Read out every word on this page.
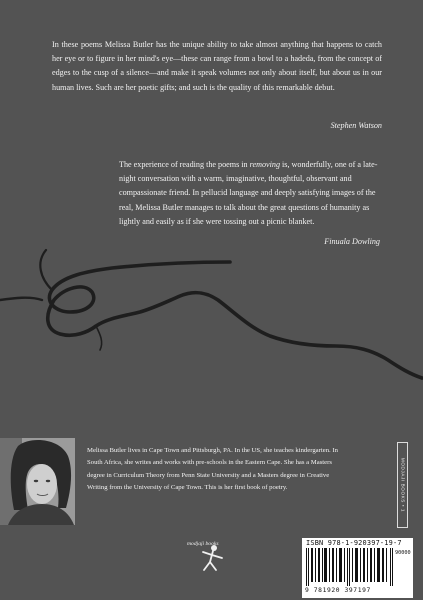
In these poems Melissa Butler has the unique ability to take almost anything that happens to catch her eye or to figure in her mind's eye—these can range from a bowl to a hadeda, from the concept of edges to the cusp of a silence—and make it speak volumes not only about itself, but about us in our human lives. Such are her poetic gifts; and such is the quality of this remarkable debut.

Stephen Watson

The experience of reading the poems in removing is, wonderfully, one of a late-night conversation with a warm, imaginative, thoughtful, observant and compassionate friend. In pellucid language and deeply satisfying images of the real, Melissa Butler manages to talk about the great questions of humanity as lightly and easily as if she were tossing out a picnic blanket.

Finuala Dowling

Melissa Butler lives in Cape Town and Pittsburgh, PA. In the US, she teaches kindergarten. In South Africa, she writes and works with pre-schools in the Eastern Cape. She has a Masters degree in Curriculum Theory from Penn State University and a Masters degree in Creative Writing from the University of Cape Town. This is her first book of poetry.	MODJAJI BOOKS • 1
modjaji books	ISBN 978-1-920397-19-7
90000
9 781920 397197
